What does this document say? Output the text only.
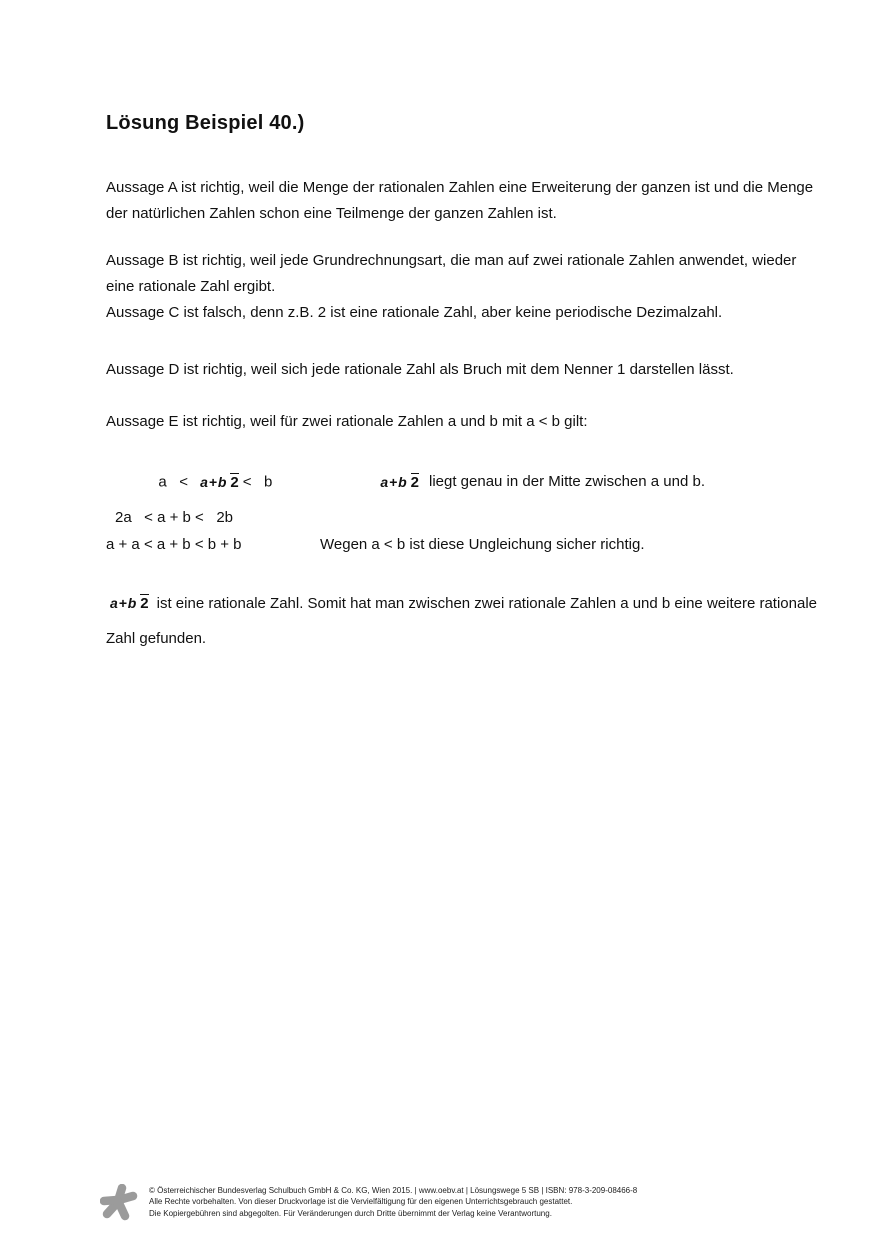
Lösung Beispiel 40.)
Aussage A ist richtig, weil die Menge der rationalen Zahlen eine Erweiterung der ganzen ist und die Menge
der natürlichen Zahlen schon eine Teilmenge der ganzen Zahlen ist.
Aussage B ist richtig, weil jede Grundrechnungsart, die man auf zwei rationale Zahlen anwendet, wieder
eine rationale Zahl ergibt.
Aussage C ist falsch, denn z.B. 2 ist eine rationale Zahl, aber keine periodische Dezimalzahl.
Aussage D ist richtig, weil sich jede rationale Zahl als Bruch mit dem Nenner 1 darstellen lässt.
Aussage E ist richtig, weil für zwei rationale Zahlen a und b mit a < b gilt:

a   < a + b 2 <   b
	a + b 2 liegt genau in der Mitte zwischen a und b.

2a   < a + b <   2b
a + a < a + b < b + b	Wegen a < b ist diese Ungleichung sicher richtig.
a + b 2 ist eine rationale Zahl. Somit hat man zwischen zwei rationale Zahlen a und b eine weitere rationale
Zahl gefunden.
© Österreichischer Bundesverlag Schulbuch GmbH & Co. KG, Wien 2015. | www.oebv.at | Lösungswege 5 SB | ISBN: 978-3-209-08466-8
Alle Rechte vorbehalten. Von dieser Druckvorlage ist die Vervielfältigung für den eigenen Unterrichtsgebrauch gestattet.
Die Kopiergebühren sind abgegolten. Für Veränderungen durch Dritte übernimmt der Verlag keine Verantwortung.
